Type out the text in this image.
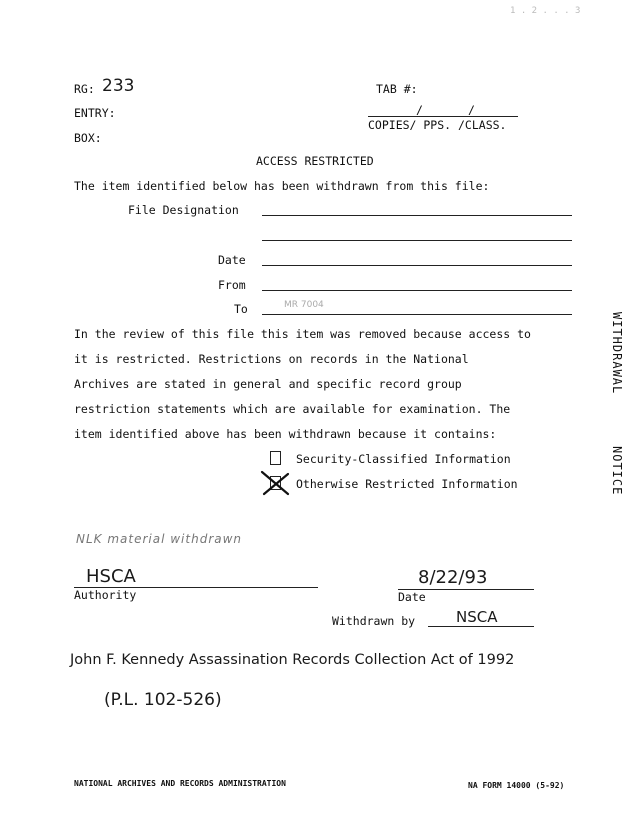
1 . 2 . . . 3
RG: 233
ENTRY:
BOX:
TAB #:
/	/
COPIES/ PPS. /CLASS.
ACCESS RESTRICTED
The item identified below has been withdrawn from this file:
File Designation
Date
From
To	MR 7004
In the review of this file this item was removed because access to
it is restricted. Restrictions on records in the National
Archives are stated in general and specific record group
restriction statements which are available for examination. The
item identified above has been withdrawn because it contains:
Security-Classified Information
Otherwise Restricted Information
WITHDRAWAL
NOTICE
NLK material withdrawn
HSCA
Authority
8/22/93
Date
Withdrawn by	NSCA
John F. Kennedy Assassination Records Collection Act of 1992
(P.L. 102-526)
NATIONAL ARCHIVES AND RECORDS ADMINISTRATION	NA FORM 14000 (5-92)
